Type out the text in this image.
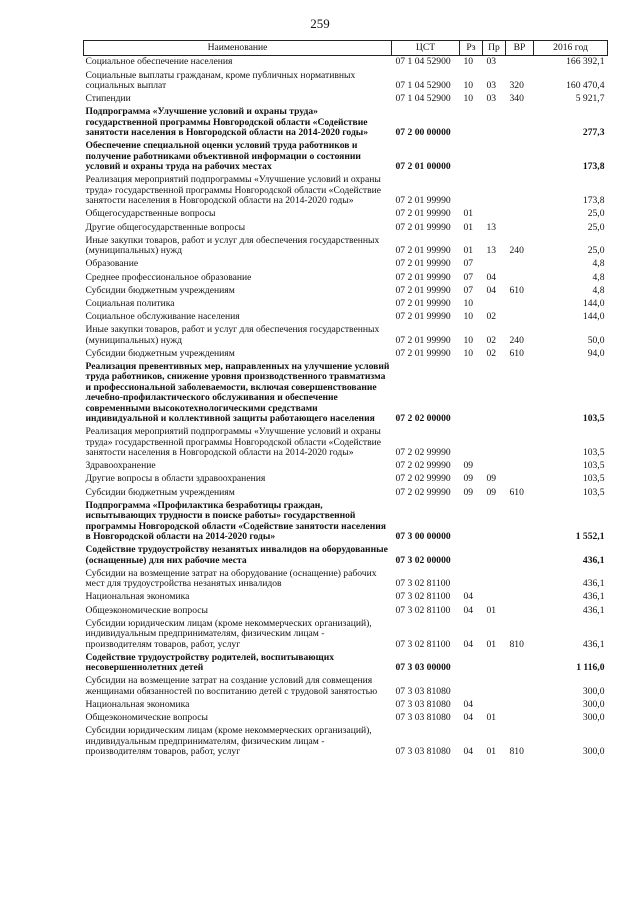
259
Наименование	ЦСТ	Рз	Пр	ВР	2016 год
Социальное обеспечение населения	07 1 04 52900	10	03		166 392,1
Социальные выплаты гражданам, кроме публичных нормативных социальных выплат	07 1 04 52900	10	03	320	160 470,4
Стипендии	07 1 04 52900	10	03	340	5 921,7
Подпрограмма «Улучшение условий и охраны труда» государственной программы Новгородской области «Содействие занятости населения в Новгородской области на 2014-2020 годы»	07 2 00 00000				277,3
Обеспечение специальной оценки условий труда работников и получение работниками объективной информации о состоянии условий и охраны труда на рабочих местах	07 2 01 00000				173,8
Реализация мероприятий подпрограммы «Улучшение условий и охраны труда» государственной программы Новгородской области «Содействие занятости населения в Новгородской области на 2014-2020 годы»	07 2 01 99990				173,8
Общегосударственные вопросы	07 2 01 99990	01			25,0
Другие общегосударственные вопросы	07 2 01 99990	01	13		25,0
Иные закупки товаров, работ и услуг для обеспечения государственных (муниципальных) нужд	07 2 01 99990	01	13	240	25,0
Образование	07 2 01 99990	07			4,8
Среднее профессиональное образование	07 2 01 99990	07	04		4,8
Субсидии бюджетным учреждениям	07 2 01 99990	07	04	610	4,8
Социальная политика	07 2 01 99990	10			144,0
Социальное обслуживание населения	07 2 01 99990	10	02		144,0
Иные закупки товаров, работ и услуг для обеспечения государственных (муниципальных) нужд	07 2 01 99990	10	02	240	50,0
Субсидии бюджетным учреждениям	07 2 01 99990	10	02	610	94,0
Реализация превентивных мер, направленных на улучшение условий труда работников, снижение уровня производственного травматизма и профессиональной заболеваемости, включая совершенствование лечебно-профилактического обслуживания и обеспечение современными высокотехнологическими средствами индивидуальной и коллективной защиты работающего населения	07 2 02 00000				103,5
Реализация мероприятий подпрограммы «Улучшение условий и охраны труда» государственной программы Новгородской области «Содействие занятости населения в Новгородской области на 2014-2020 годы»	07 2 02 99990				103,5
Здравоохранение	07 2 02 99990	09			103,5
Другие вопросы в области здравоохранения	07 2 02 99990	09	09		103,5
Субсидии бюджетным учреждениям	07 2 02 99990	09	09	610	103,5
Подпрограмма «Профилактика безработицы граждан, испытывающих трудности в поиске работы» государственной программы Новгородской области «Содействие занятости населения в Новгородской области на 2014-2020 годы»	07 3 00 00000				1 552,1
Содействие трудоустройству незанятых инвалидов на оборудованные (оснащенные) для них рабочие места	07 3 02 00000				436,1
Субсидии на возмещение затрат на оборудование (оснащение) рабочих мест для трудоустройства незанятых инвалидов	07 3 02 81100				436,1
Национальная экономика	07 3 02 81100	04			436,1
Общеэкономические вопросы	07 3 02 81100	04	01		436,1
Субсидии юридическим лицам (кроме некоммерческих организаций), индивидуальным предпринимателям, физическим лицам - производителям товаров, работ, услуг	07 3 02 81100	04	01	810	436,1
Содействие трудоустройству родителей, воспитывающих несовершеннолетних детей	07 3 03 00000				1 116,0
Субсидии на возмещение затрат на создание условий для совмещения женщинами обязанностей по воспитанию детей с трудовой занятостью	07 3 03 81080				300,0
Национальная экономика	07 3 03 81080	04			300,0
Общеэкономические вопросы	07 3 03 81080	04	01		300,0
Субсидии юридическим лицам (кроме некоммерческих организаций), индивидуальным предпринимателям, физическим лицам - производителям товаров, работ, услуг	07 3 03 81080	04	01	810	300,0
